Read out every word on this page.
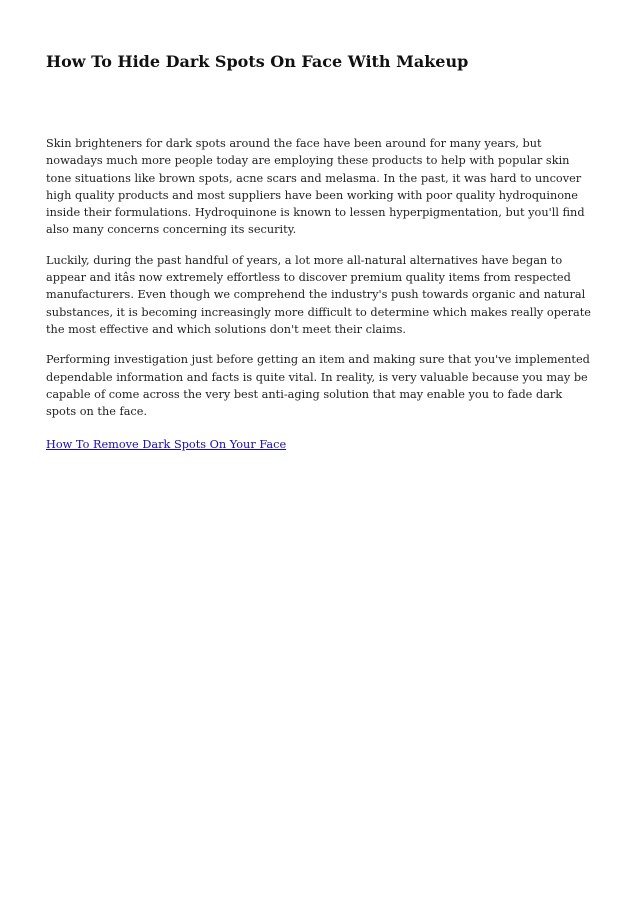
How To Hide Dark Spots On Face With Makeup

Skin brighteners for dark spots around the face have been around for many years, but nowadays much more people today are employing these products to help with popular skin tone situations like brown spots, acne scars and melasma. In the past, it was hard to uncover high quality products and most suppliers have been working with poor quality hydroquinone inside their formulations. Hydroquinone is known to lessen hyperpigmentation, but you'll find also many concerns concerning its security.

Luckily, during the past handful of years, a lot more all-natural alternatives have began to appear and itâs now extremely effortless to discover premium quality items from respected manufacturers. Even though we comprehend the industry's push towards organic and natural substances, it is becoming increasingly more difficult to determine which makes really operate the most effective and which solutions don't meet their claims.

Performing investigation just before getting an item and making sure that you've implemented dependable information and facts is quite vital. In reality, is very valuable because you may be capable of come across the very best anti-aging solution that may enable you to fade dark spots on the face.

How To Remove Dark Spots On Your Face
